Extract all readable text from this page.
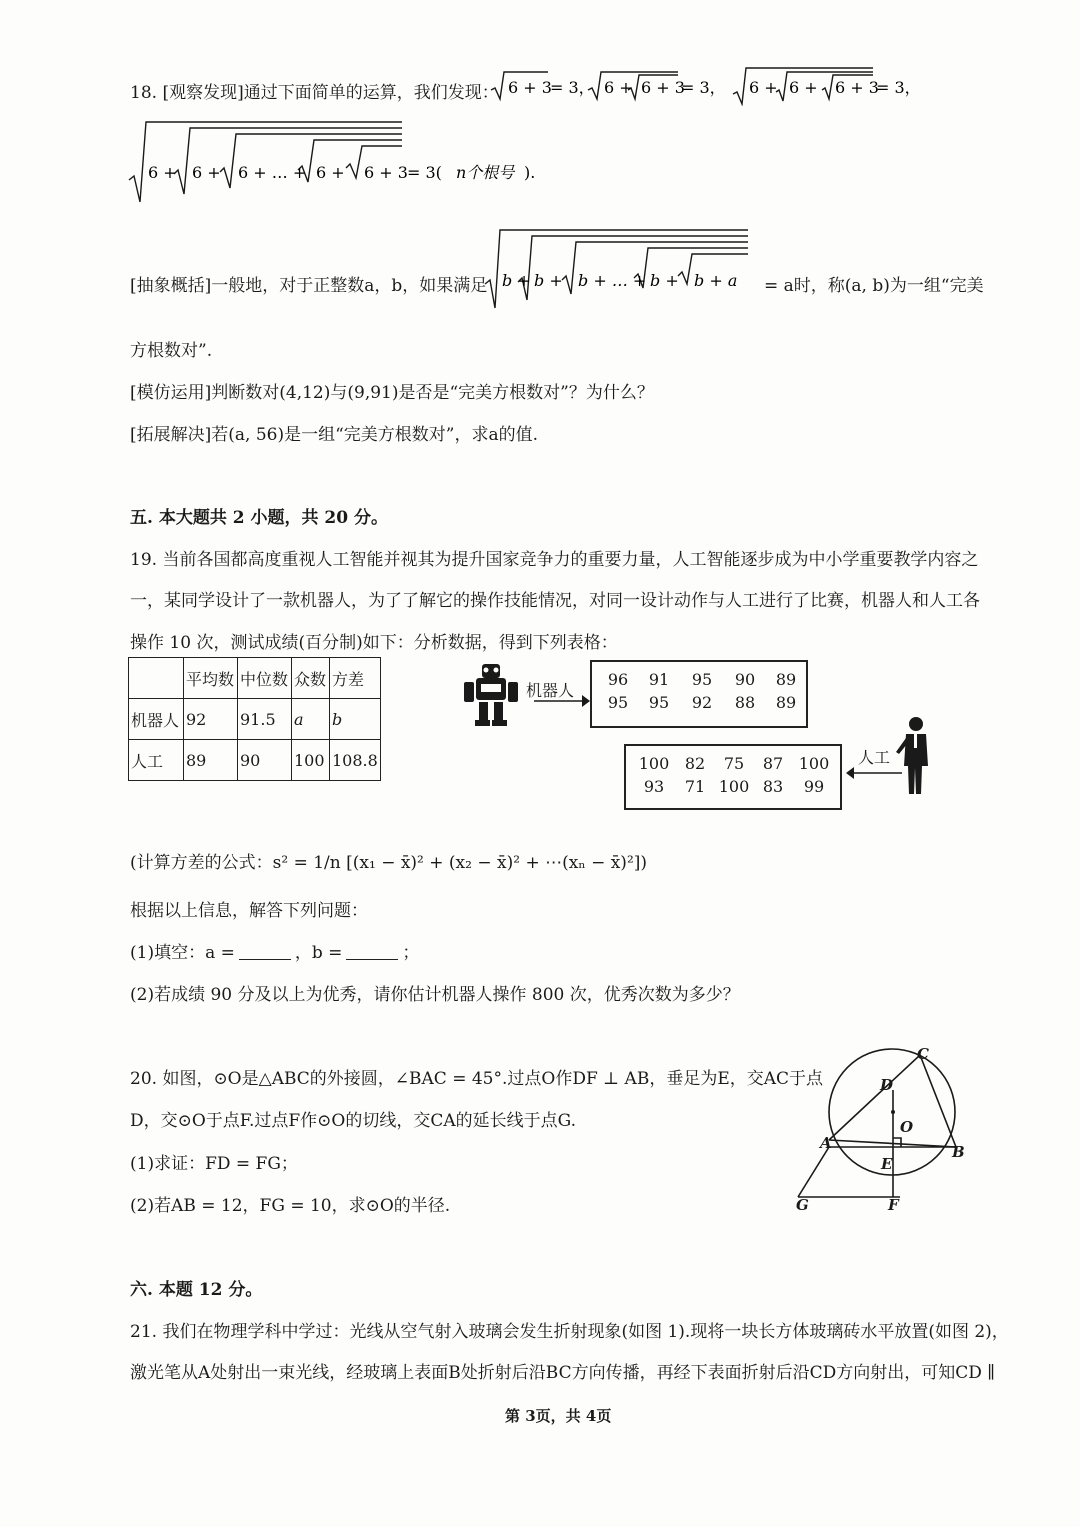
18. [观察发现]通过下面简单的运算，我们发现： 6 + 3
= 3， 6 + 6 + 3
= 3， 6 + 6 + 6 + 3
= 3，
6 + 6 + 6 + … + 6 + 6 + 3 = 3( n个根号 ).
[抽象概括]一般地，对于正整数a，b，如果满足 b + b + b + … + b + b + a = a时，称(a, b)为一组“完美
方根数对”.
[模仿运用]判断数对(4,12)与(9,91)是否是“完美方根数对”？为什么？
[拓展解决]若(a, 56)是一组“完美方根数对”，求a的值.
五. 本大题共 2 小题，共 20 分。
19. 当前各国都高度重视人工智能并视其为提升国家竞争力的重要力量，人工智能逐步成为中小学重要教学内容之
一，某同学设计了一款机器人，为了了解它的操作技能情况，对同一设计动作与人工进行了比赛，机器人和人工各
操作 10 次，测试成绩(百分制)如下：分析数据，得到下列表格：
	平均数	中位数	众数	方差
机器人	92	91.5	a	b
人工	89	90	100	108.8
机器人
96	91	95	90	89
95	95	92	88	89
100 82	75	87 100
93	71 100 83	99
人工
(计算方差的公式：s² = 1/n [(x₁ − x̄)² + (x₂ − x̄)² + ⋯(xₙ − x̄)²])
根据以上信息，解答下列问题：
(1)填空：a =	，b =	；
(2)若成绩 90 分及以上为优秀，请你估计机器人操作 800 次，优秀次数为多少？
20. 如图，⊙O是△ABC的外接圆，∠BAC = 45°.过点O作DF ⊥ AB，垂足为E，交AC于点
D，交⊙O于点F.过点F作⊙O的切线，交CA的延长线于点G.
(1)求证：FD = FG；
(2)若AB = 12，FG = 10，求⊙O的半径.
C
D
O
A	B
E
G	F
六. 本题 12 分。
21. 我们在物理学科中学过：光线从空气射入玻璃会发生折射现象(如图 1).现将一块长方体玻璃砖水平放置(如图 2)，
激光笔从A处射出一束光线，经玻璃上表面B处折射后沿BC方向传播，再经下表面折射后沿CD方向射出，可知CD ∥
第 3页，共 4页
